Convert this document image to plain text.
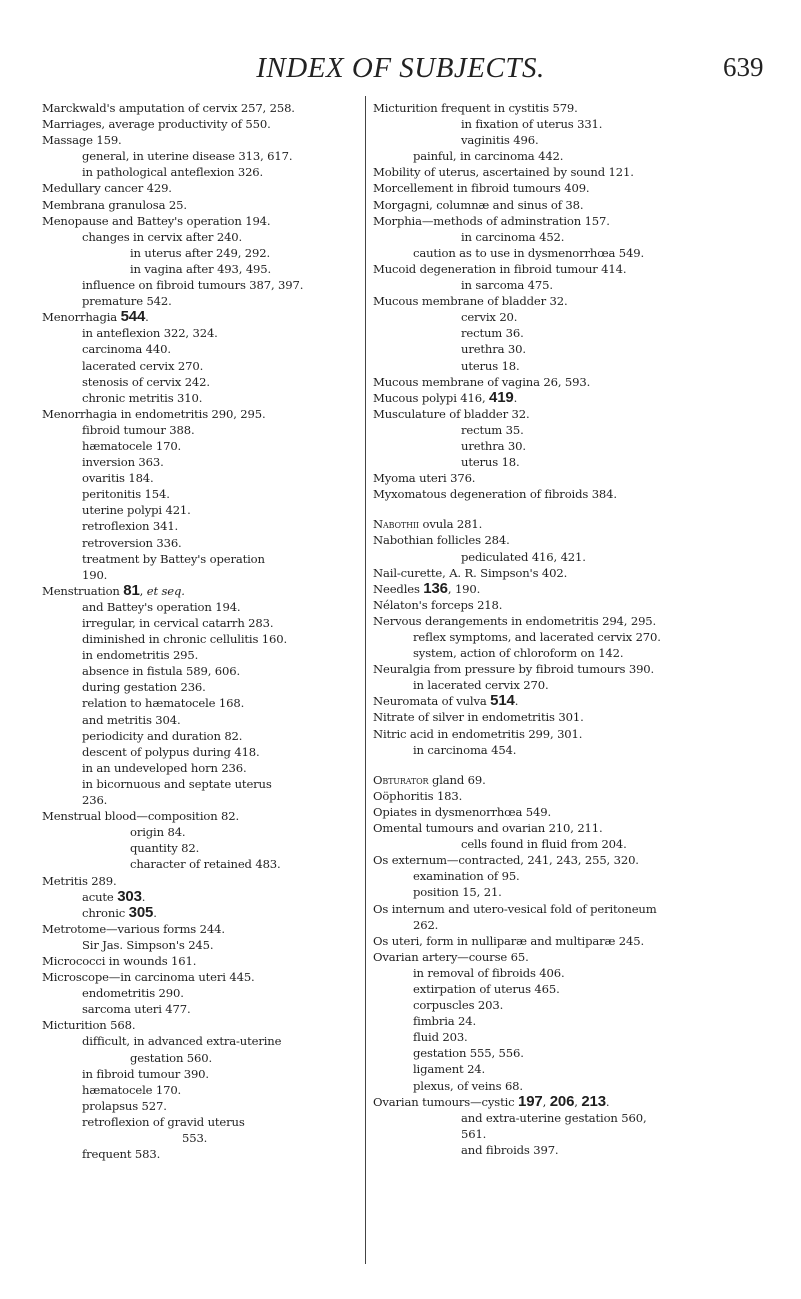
INDEX OF SUBJECTS.	639
Marckwald's amputation of cervix 257, 258.
Marriages, average productivity of 550.
Massage 159.
general, in uterine disease 313, 617.
in pathological anteflexion 326.
Medullary cancer 429.
Membrana granulosa 25.
Menopause and Battey's operation 194.
changes in cervix after 240.
in uterus after 249, 292.
in vagina after 493, 495.
influence on fibroid tumours 387, 397.
premature 542.
Menorrhagia 544.
in anteflexion 322, 324.
carcinoma 440.
lacerated cervix 270.
stenosis of cervix 242.
chronic metritis 310.
Menorrhagia in endometritis 290, 295.
fibroid tumour 388.
hæmatocele 170.
inversion 363.
ovaritis 184.
peritonitis 154.
uterine polypi 421.
retroflexion 341.
retroversion 336.
treatment by Battey's operation
190.
Menstruation 81, et seq.
and Battey's operation 194.
irregular, in cervical catarrh 283.
diminished in chronic cellulitis 160.
in endometritis 295.
absence in fistula 589, 606.
during gestation 236.
relation to hæmatocele 168.
and metritis 304.
periodicity and duration 82.
descent of polypus during 418.
in an undeveloped horn 236.
in bicornuous and septate uterus
236.
Menstrual blood—composition 82.
origin 84.
quantity 82.
character of retained 483.
Metritis 289.
acute 303.
chronic 305.
Metrotome—various forms 244.
Sir Jas. Simpson's 245.
Micrococci in wounds 161.
Microscope—in carcinoma uteri 445.
endometritis 290.
sarcoma uteri 477.
Micturition 568.
difficult, in advanced extra-uterine
gestation 560.
in fibroid tumour 390.
hæmatocele 170.
prolapsus 527.
retroflexion of gravid uterus
553.
frequent 583.
Micturition frequent in cystitis 579.
in fixation of uterus 331.
vaginitis 496.
painful, in carcinoma 442.
Mobility of uterus, ascertained by sound 121.
Morcellement in fibroid tumours 409.
Morgagni, columnæ and sinus of 38.
Morphia—methods of adminstration 157.
in carcinoma 452.
caution as to use in dysmenorrhœa 549.
Mucoid degeneration in fibroid tumour 414.
in sarcoma 475.
Mucous membrane of bladder 32.
cervix 20.
rectum 36.
urethra 30.
uterus 18.
Mucous membrane of vagina 26, 593.
Mucous polypi 416, 419.
Musculature of bladder 32.
rectum 35.
urethra 30.
uterus 18.
Myoma uteri 376.
Myxomatous degeneration of fibroids 384.
Nabothii ovula 281.
Nabothian follicles 284.
pediculated 416, 421.
Nail-curette, A. R. Simpson's 402.
Needles 136, 190.
Nélaton's forceps 218.
Nervous derangements in endometritis 294, 295.
reflex symptoms, and lacerated cervix 270.
system, action of chloroform on 142.
Neuralgia from pressure by fibroid tumours 390.
in lacerated cervix 270.
Neuromata of vulva 514.
Nitrate of silver in endometritis 301.
Nitric acid in endometritis 299, 301.
in carcinoma 454.
Obturator gland 69.
Oöphoritis 183.
Opiates in dysmenorrhœa 549.
Omental tumours and ovarian 210, 211.
cells found in fluid from 204.
Os externum—contracted, 241, 243, 255, 320.
examination of 95.
position 15, 21.
Os internum and utero-vesical fold of peritoneum
262.
Os uteri, form in nulliparæ and multiparæ 245.
Ovarian artery—course 65.
in removal of fibroids 406.
extirpation of uterus 465.
corpuscles 203.
fimbria 24.
fluid 203.
gestation 555, 556.
ligament 24.
plexus, of veins 68.
Ovarian tumours—cystic 197, 206, 213.
and extra-uterine gestation 560,
561.
and fibroids 397.
